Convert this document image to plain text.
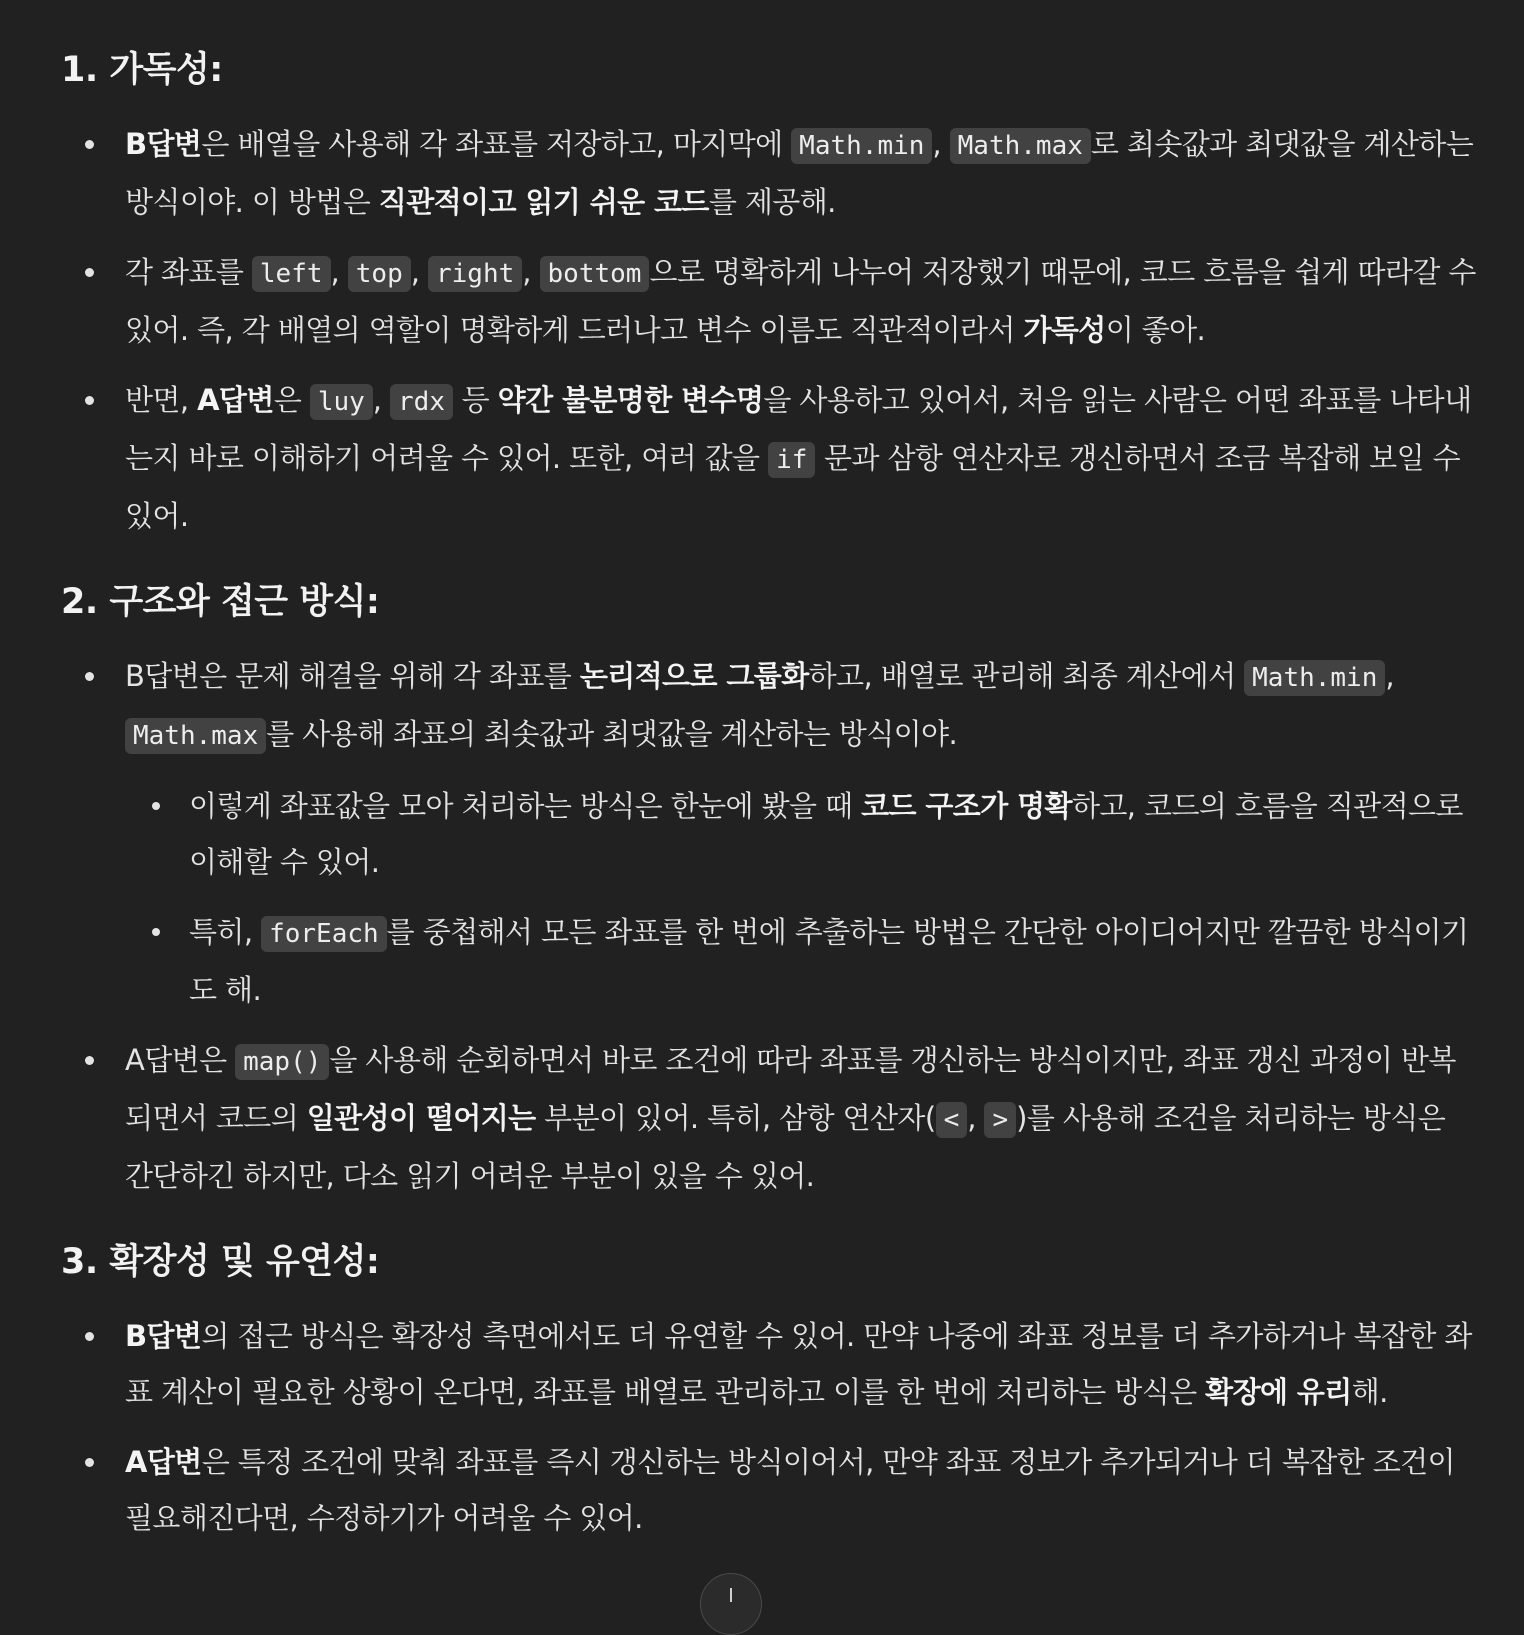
1. 가독성:
B답변은 배열을 사용해 각 좌표를 저장하고, 마지막에 Math.min , Math.max 로 최솟값과 최댓값을 계산하는 방식이야. 이 방법은 직관적이고 읽기 쉬운 코드를 제공해.
각 좌표를 left , top , right , bottom 으로 명확하게 나누어 저장했기 때문에, 코드 흐름을 쉽게 따라갈 수 있어. 즉, 각 배열의 역할이 명확하게 드러나고 변수 이름도 직관적이라서 가독성이 좋아.
반면, A답변은 luy , rdx 등 약간 불분명한 변수명을 사용하고 있어서, 처음 읽는 사람은 어떤 좌표를 나타내는지 바로 이해하기 어려울 수 있어. 또한, 여러 값을 if 문과 삼항 연산자로 갱신하면서 조금 복잡해 보일 수 있어.
2. 구조와 접근 방식:
B답변은 문제 해결을 위해 각 좌표를 논리적으로 그룹화하고, 배열로 관리해 최종 계산에서 Math.min , Math.max 를 사용해 좌표의 최솟값과 최댓값을 계산하는 방식이야.
이렇게 좌표값을 모아 처리하는 방식은 한눈에 봤을 때 코드 구조가 명확하고, 코드의 흐름을 직관적으로 이해할 수 있어.
특히, forEach 를 중첩해서 모든 좌표를 한 번에 추출하는 방법은 간단한 아이디어지만 깔끔한 방식이기도 해.
A답변은 map() 을 사용해 순회하면서 바로 조건에 따라 좌표를 갱신하는 방식이지만, 좌표 갱신 과정이 반복되면서 코드의 일관성이 떨어지는 부분이 있어. 특히, 삼항 연산자( < , > )를 사용해 조건을 처리하는 방식은 간단하긴 하지만, 다소 읽기 어려운 부분이 있을 수 있어.
3. 확장성 및 유연성:
B답변의 접근 방식은 확장성 측면에서도 더 유연할 수 있어. 만약 나중에 좌표 정보를 더 추가하거나 복잡한 좌표 계산이 필요한 상황이 온다면, 좌표를 배열로 관리하고 이를 한 번에 처리하는 방식은 확장에 유리해.
A답변은 특정 조건에 맞춰 좌표를 즉시 갱신하는 방식이어서, 만약 좌표 정보가 추가되거나 더 복잡한 조건이 필요해진다면, 수정하기가 어려울 수 있어.
